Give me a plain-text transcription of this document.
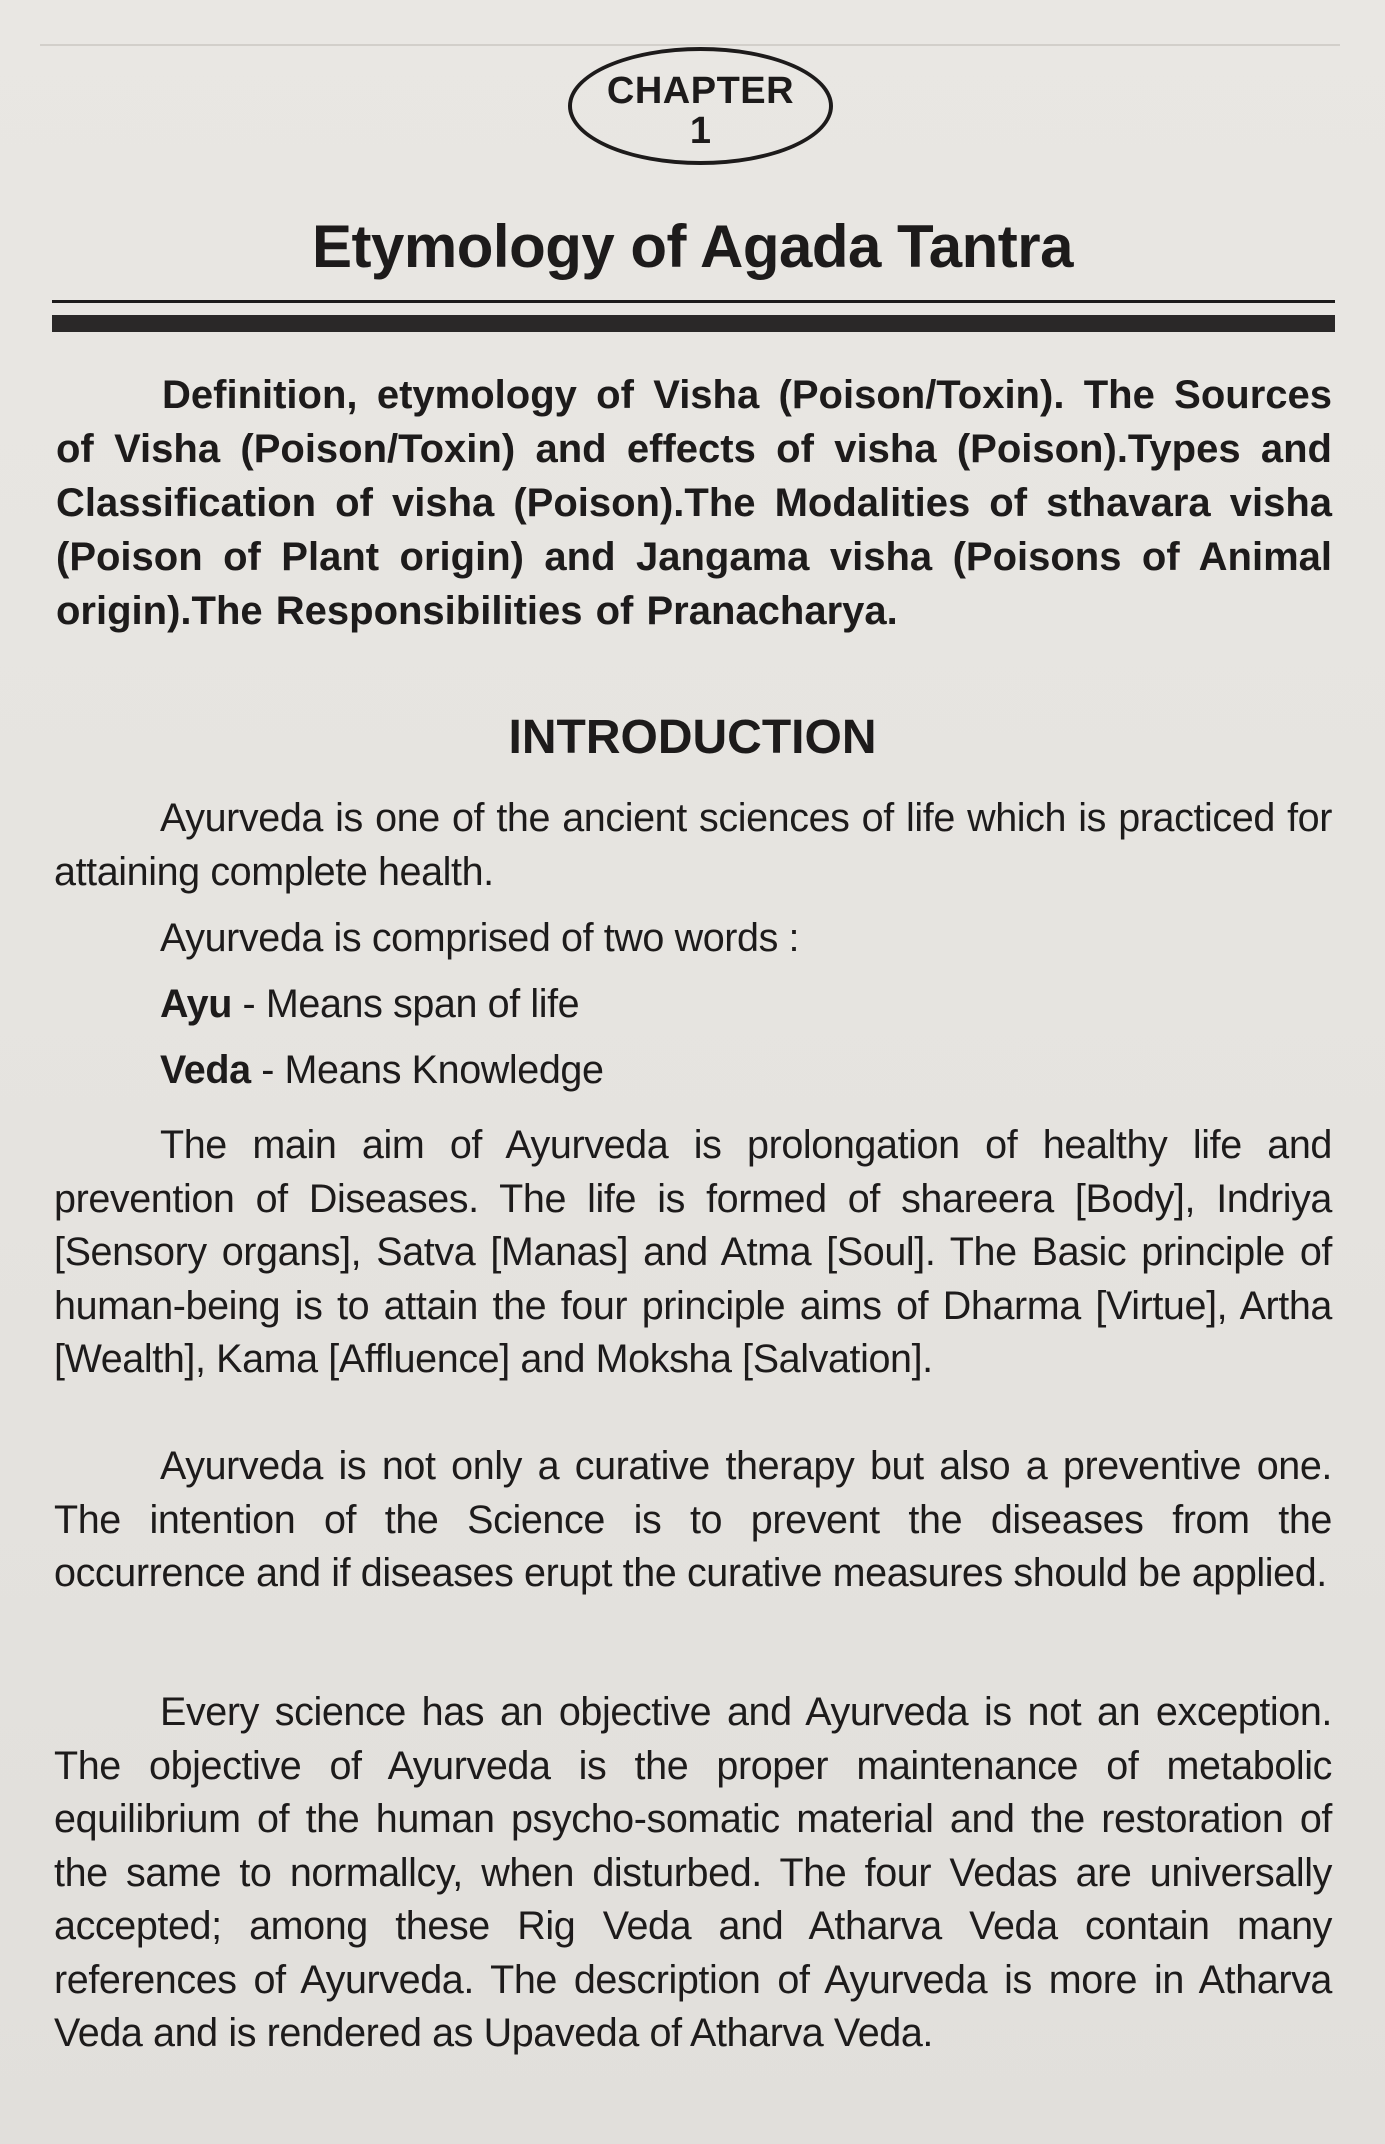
CHAPTER
1
Etymology of Agada Tantra

Definition, etymology of Visha (Poison/Toxin). The Sources of Visha (Poison/Toxin) and effects of visha (Poison).Types and Classification of visha (Poison).The Modalities of sthavara visha (Poison of Plant origin) and Jangama visha (Poisons of Animal origin).The Responsibilities of Pranacharya.

INTRODUCTION

Ayurveda is one of the ancient sciences of life which is practiced for attaining complete health.

Ayurveda is comprised of two words :
Ayu - Means span of life
Veda - Means Knowledge

The main aim of Ayurveda is prolongation of healthy life and prevention of Diseases. The life is formed of shareera [Body], Indriya [Sensory organs], Satva [Manas] and Atma [Soul]. The Basic principle of human-being is to attain the four principle aims of Dharma [Virtue], Artha [Wealth], Kama [Affluence] and Moksha [Salvation].

Ayurveda is not only a curative therapy but also a preventive one. The intention of the Science is to prevent the diseases from the occurrence and if diseases erupt the curative measures should be applied.

Every science has an objective and Ayurveda is not an exception. The objective of Ayurveda is the proper maintenance of metabolic equilibrium of the human psycho-somatic material and the restoration of the same to normallcy, when disturbed. The four Vedas are universally accepted; among these Rig Veda and Atharva Veda contain many references of Ayurveda. The description of Ayurveda is more in Atharva Veda and is rendered as Upaveda of Atharva Veda.
